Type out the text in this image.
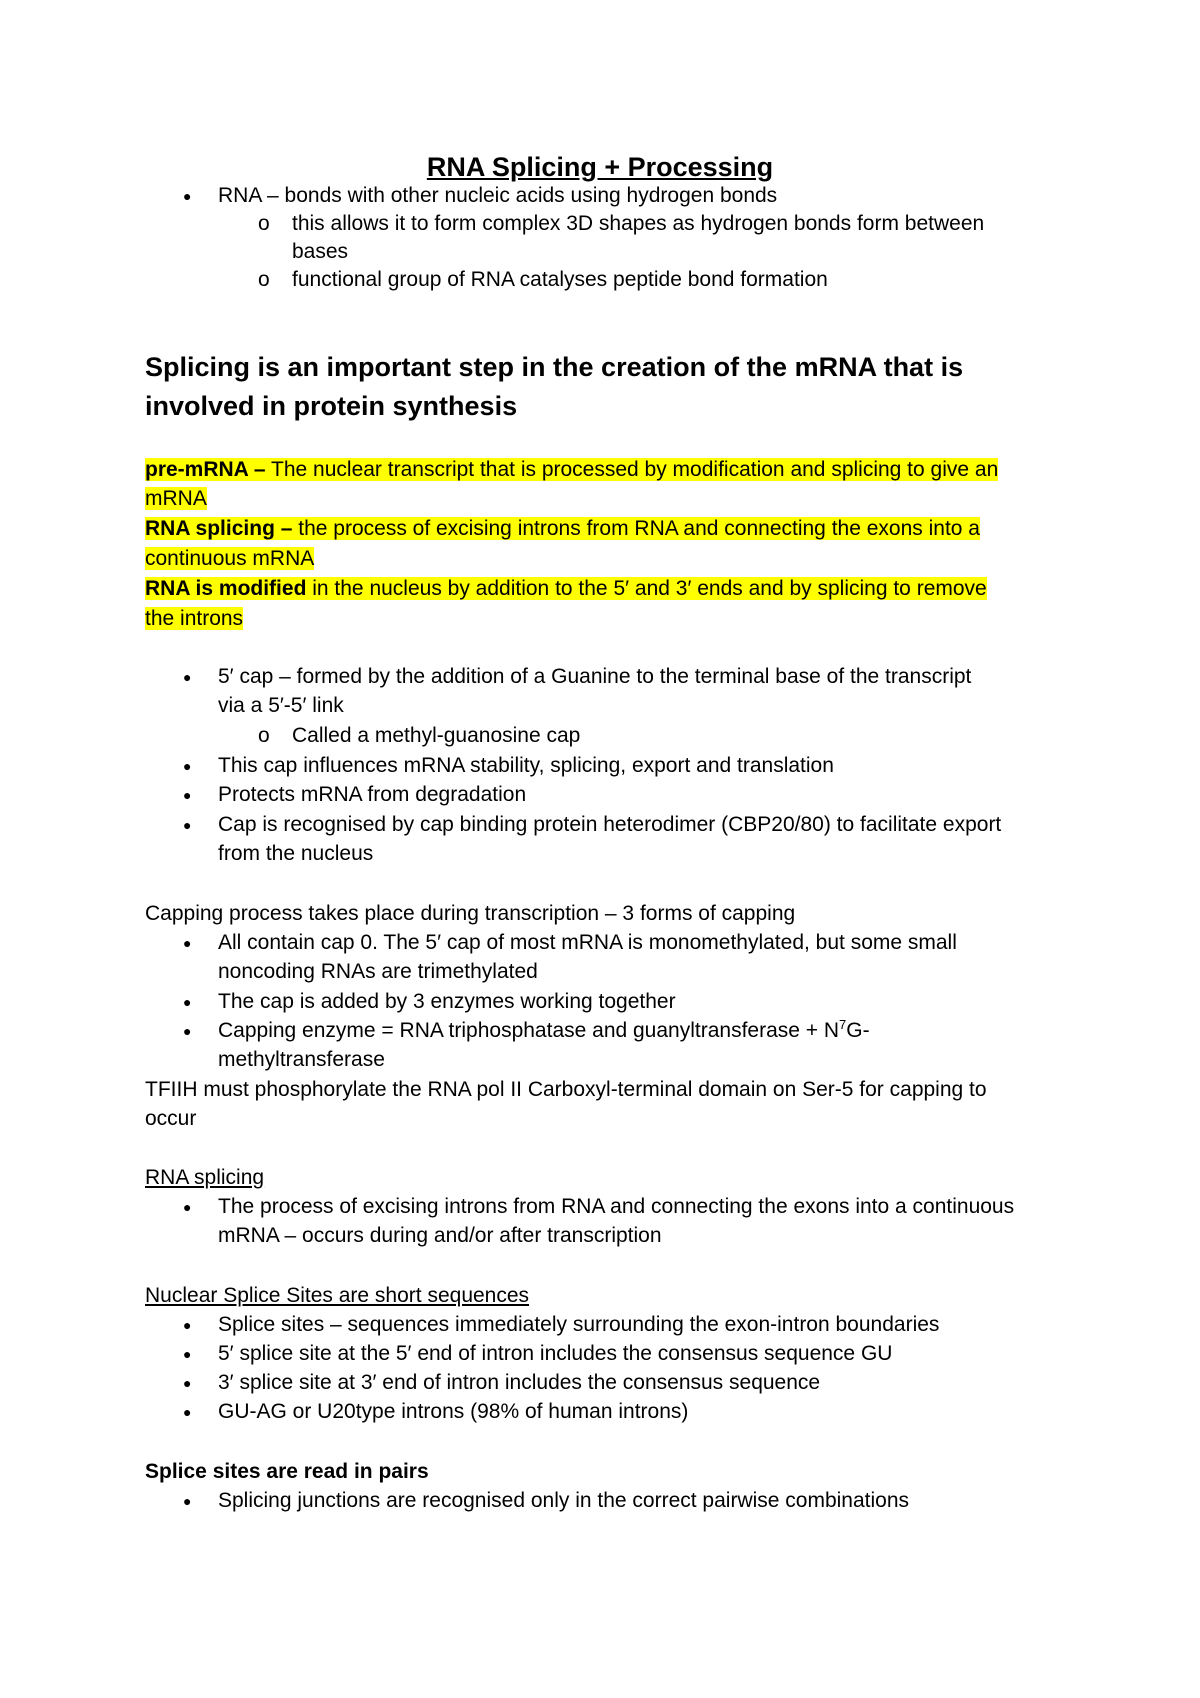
RNA Splicing + Processing
● RNA – bonds with other nucleic acids using hydrogen bonds
o this allows it to form complex 3D shapes as hydrogen bonds form between
bases
o functional group of RNA catalyses peptide bond formation
Splicing is an important step in the creation of the mRNA that is
involved in protein synthesis
pre-mRNA – The nuclear transcript that is processed by modification and splicing to give an
mRNA
RNA splicing – the process of excising introns from RNA and connecting the exons into a
continuous mRNA
RNA is modified in the nucleus by addition to the 5′ and 3′ ends and by splicing to remove
the introns
● 5′ cap – formed by the addition of a Guanine to the terminal base of the transcript
via a 5′-5′ link
o Called a methyl-guanosine cap
● This cap influences mRNA stability, splicing, export and translation
● Protects mRNA from degradation
● Cap is recognised by cap binding protein heterodimer (CBP20/80) to facilitate export
from the nucleus
Capping process takes place during transcription – 3 forms of capping
● All contain cap 0. The 5′ cap of most mRNA is monomethylated, but some small
noncoding RNAs are trimethylated
● The cap is added by 3 enzymes working together
● Capping enzyme = RNA triphosphatase and guanyltransferase + $N^7G-$
methyltransferase
TFIIH must phosphorylate the RNA pol II Carboxyl-terminal domain on Ser-5 for capping to
occur
RNA splicing
● The process of excising introns from RNA and connecting the exons into a continuous
mRNA – occurs during and/or after transcription
Nuclear Splice Sites are short sequences
● Splice sites – sequences immediately surrounding the exon-intron boundaries
● 5′ splice site at the 5′ end of intron includes the consensus sequence GU
● 3′ splice site at 3′ end of intron includes the consensus sequence
● GU-AG or U20type introns (98% of human introns)
Splice sites are read in pairs
● Splicing junctions are recognised only in the correct pairwise combinations
